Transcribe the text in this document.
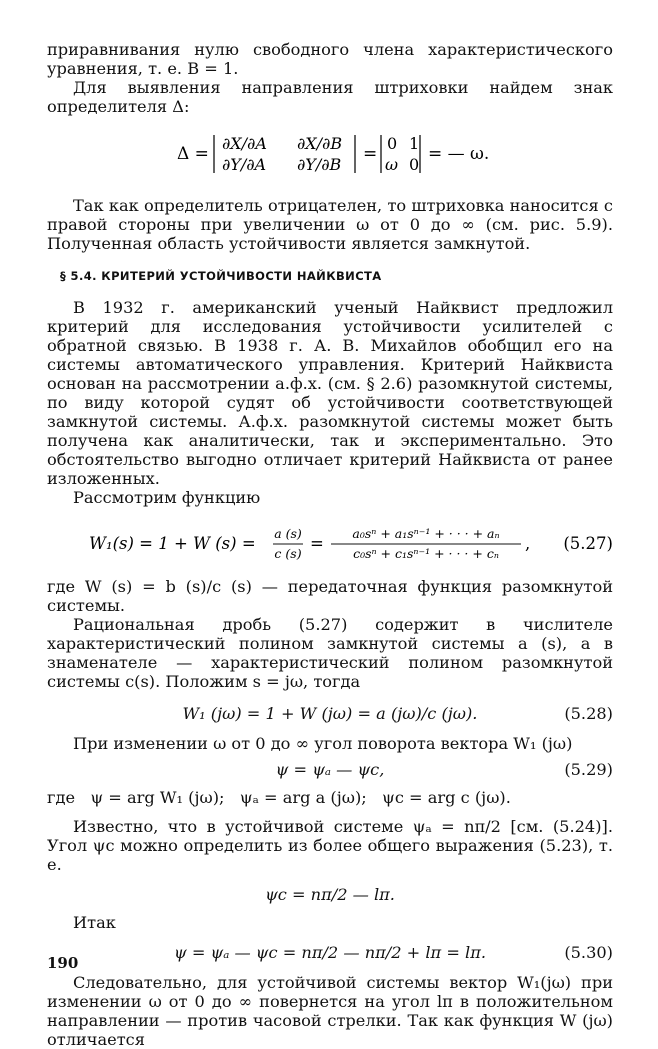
приравнивания нулю свободного члена характеристического уравнения, т. е. B = 1.

Для выявления направления штриховки найдем знак определителя Δ:

Δ =
∂X/∂A ∂X/∂B
∂Y/∂A ∂Y/∂B
=
0 1
ω 0
= — ω.

Так как определитель отрицателен, то штриховка наносится с правой стороны при увеличении ω от 0 до ∞ (см. рис. 5.9). Полученная область устойчивости является замкнутой.

§ 5.4. КРИТЕРИЙ УСТОЙЧИВОСТИ НАЙКВИСТА

В 1932 г. американский ученый Найквист предложил критерий для исследования устойчивости усилителей с обратной связью. В 1938 г. А. В. Михайлов обобщил его на системы автоматического управления. Критерий Найквиста основан на рассмотрении а.ф.х. (см. § 2.6) разомкнутой системы, по виду которой судят об устойчивости соответствующей замкнутой системы. А.ф.х. разомкнутой системы может быть получена как аналитически, так и экспериментально. Это обстоятельство выгодно отличает критерий Найквиста от ранее изложенных.

Рассмотрим функцию

W₁(s) = 1 + W (s) =
a (s)
c (s)
=
a₀sⁿ + a₁sⁿ⁻¹ + · · · + aₙ
c₀sⁿ + c₁sⁿ⁻¹ + · · · + cₙ
, (5.27)

где W (s) = b (s)/c (s) — передаточная функция разомкнутой системы.

Рациональная дробь (5.27) содержит в числителе характеристический полином замкнутой системы a (s), а в знаменателе — характеристический полином разомкнутой системы c(s). Положим s = jω, тогда

W₁ (jω) = 1 + W (jω) = a (jω)/c (jω).	(5.28)

При изменении ω от 0 до ∞ угол поворота вектора W₁ (jω)

ψ = ψₐ — ψc,	(5.29)

где   ψ = arg W₁ (jω);   ψₐ = arg a (jω);   ψc = arg c (jω).

Известно, что в устойчивой системе ψₐ = nπ/2 [см. (5.24)]. Угол ψc можно определить из более общего выражения (5.23), т. е.

ψc = nπ/2 — lπ.

Итак

ψ = ψₐ — ψc = nπ/2 — nπ/2 + lπ = lπ.	(5.30)

Следовательно, для устойчивой системы вектор W₁(jω) при изменении ω от 0 до ∞ повернется на угол lπ в положительном направлении — против часовой стрелки. Так как функция W (jω) отличается

190
